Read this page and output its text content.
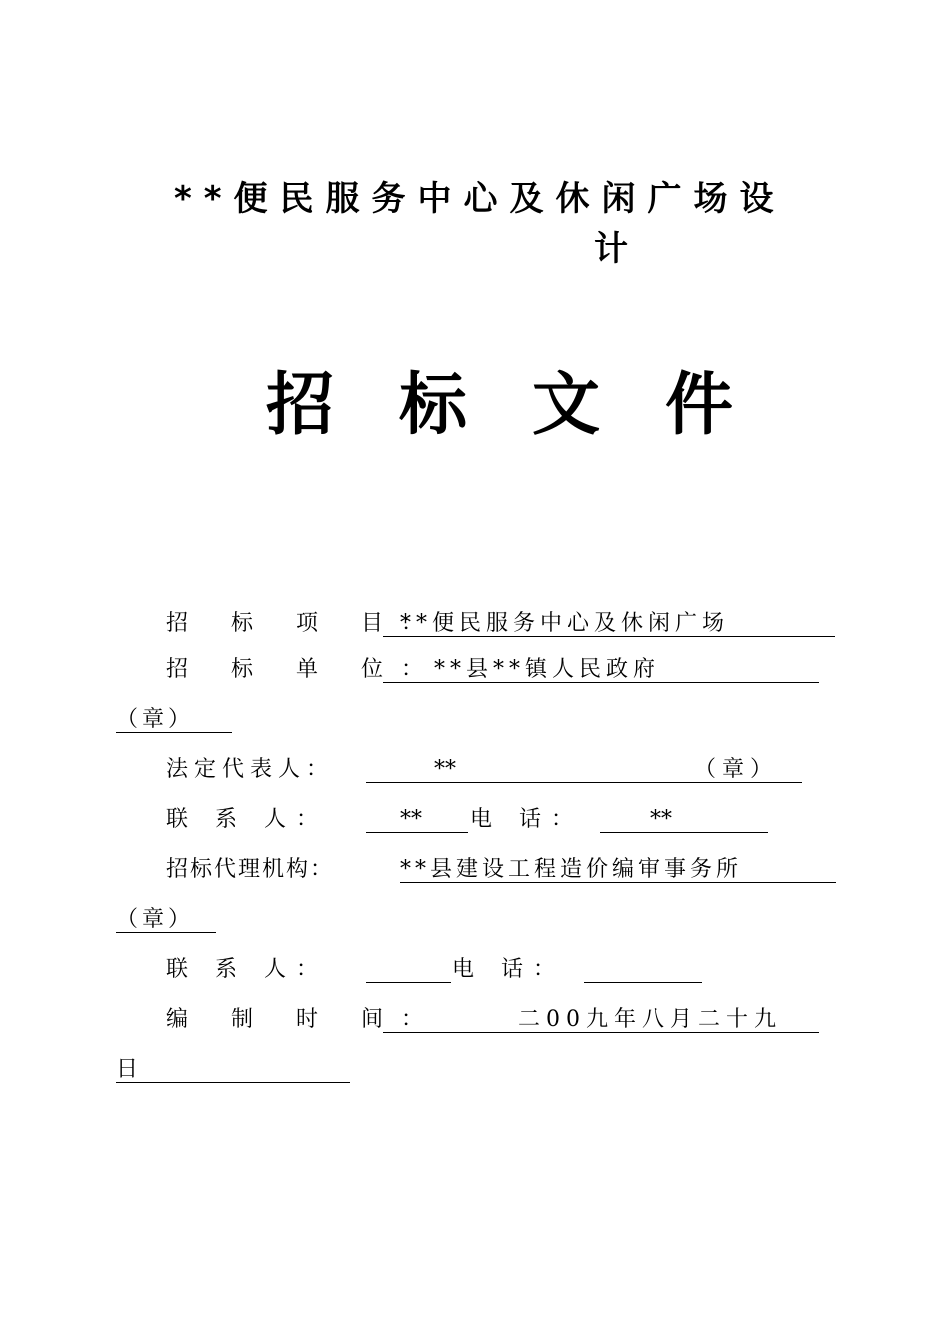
**便民服务中心及休闲广场设
计
招标文件
招 标 项 目：
**便民服务中心及休闲广场
招 标 单 位：
**县**镇人民政府
（章）
法定代表人：	**	（章）
联 系 人：	** 电 话：	**
招标代理机构：	**县建设工程造价编审事务所
（章）
联 系 人：	电 话：
编 制 时 间：	二00九年八月二十九
日
